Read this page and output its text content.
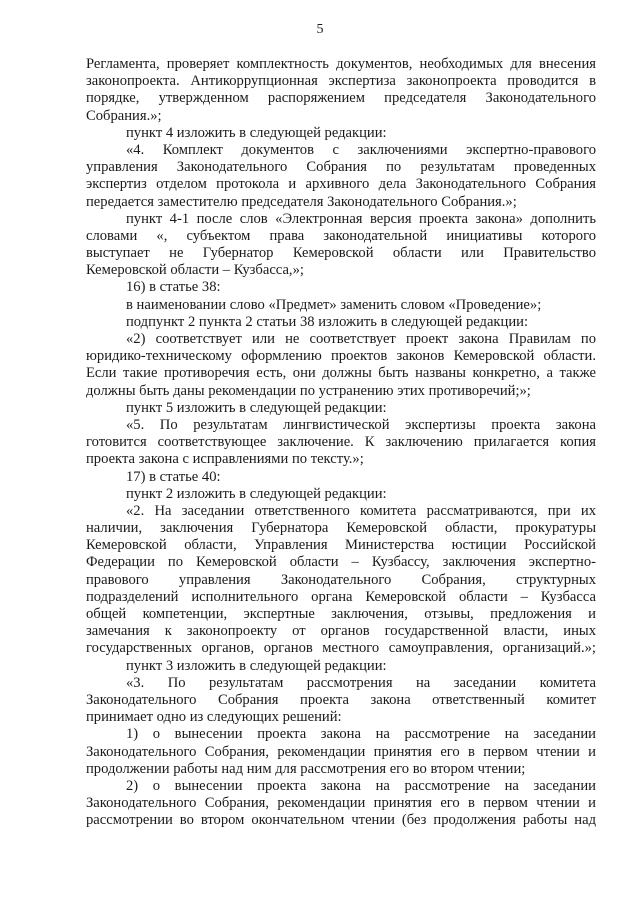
5
Регламента, проверяет комплектность документов, необходимых для внесения
законопроекта. Антикоррупционная экспертиза законопроекта проводится в
порядке, утвержденном распоряжением председателя Законодательного
Собрания.»;
пункт 4 изложить в следующей редакции:
«4. Комплект документов с заключениями экспертно-правового
управления Законодательного Собрания по результатам проведенных
экспертиз отделом протокола и архивного дела Законодательного Собрания
передается заместителю председателя Законодательного Собрания.»;
пункт 4-1 после слов «Электронная версия проекта закона» дополнить
словами «, субъектом права законодательной инициативы которого
выступает не Губернатор Кемеровской области или Правительство
Кемеровской области – Кузбасса,»;
16) в статье 38:
в наименовании слово «Предмет» заменить словом «Проведение»;
подпункт 2 пункта 2 статьи 38 изложить в следующей редакции:
«2) соответствует или не соответствует проект закона Правилам по
юридико-техническому оформлению проектов законов Кемеровской области.
Если такие противоречия есть, они должны быть названы конкретно, а также
должны быть даны рекомендации по устранению этих противоречий;»;
пункт 5 изложить в следующей редакции:
«5. По результатам лингвистической экспертизы проекта закона
готовится соответствующее заключение. К заключению прилагается копия
проекта закона с исправлениями по тексту.»;
17) в статье 40:
пункт 2 изложить в следующей редакции:
«2. На заседании ответственного комитета рассматриваются, при их
наличии, заключения Губернатора Кемеровской области, прокуратуры
Кемеровской области, Управления Министерства юстиции Российской
Федерации по Кемеровской области – Кузбассу, заключения экспертно-
правового управления Законодательного Собрания, структурных
подразделений исполнительного органа Кемеровской области – Кузбасса
общей компетенции, экспертные заключения, отзывы, предложения и
замечания к законопроекту от органов государственной власти, иных
государственных органов, органов местного самоуправления, организаций.»;
пункт 3 изложить в следующей редакции:
«3. По результатам рассмотрения на заседании комитета
Законодательного Собрания проекта закона ответственный комитет
принимает одно из следующих решений:
1) о вынесении проекта закона на рассмотрение на заседании
Законодательного Собрания, рекомендации принятия его в первом чтении и
продолжении работы над ним для рассмотрения его во втором чтении;
2) о вынесении проекта закона на рассмотрение на заседании
Законодательного Собрания, рекомендации принятия его в первом чтении и
рассмотрении во втором окончательном чтении (без продолжения работы над
